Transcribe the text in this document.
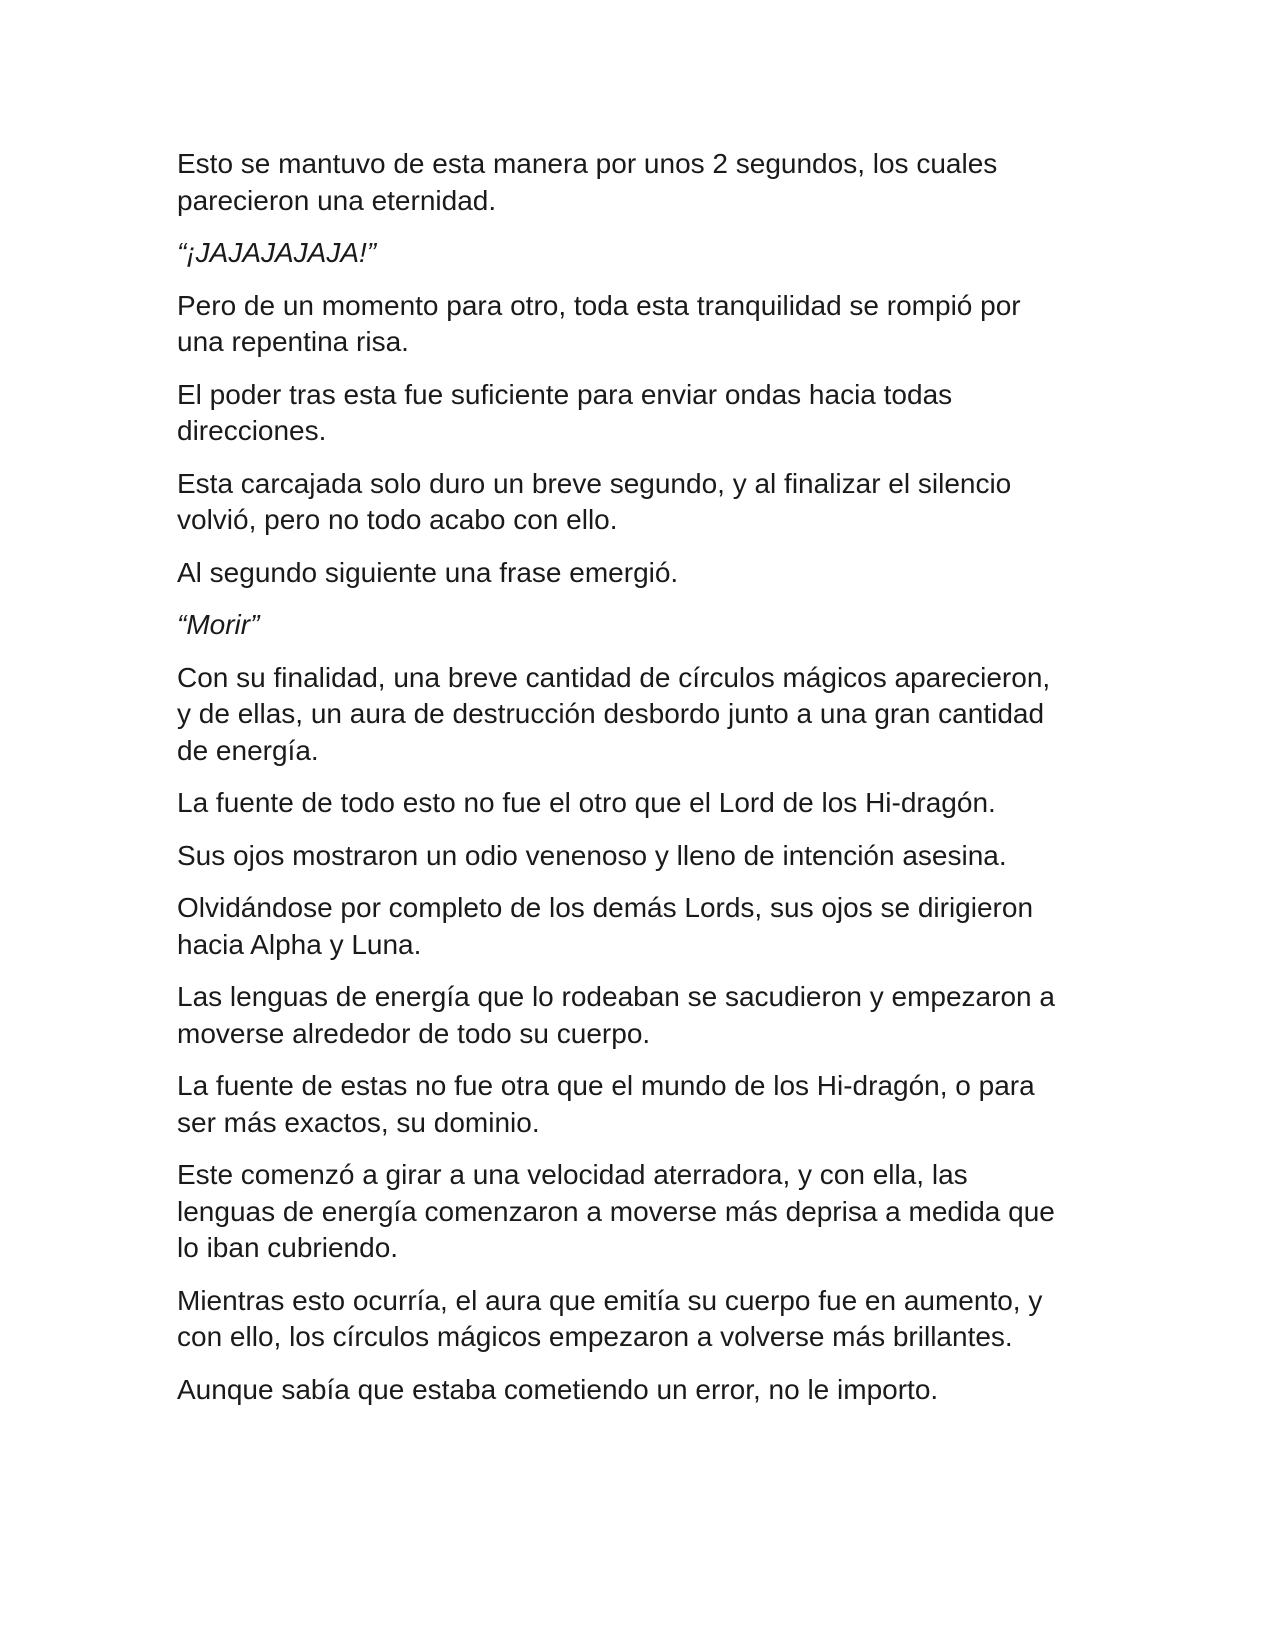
Esto se mantuvo de esta manera por unos 2 segundos, los cuales
parecieron una eternidad.

“¡JAJAJAJAJA!”

Pero de un momento para otro, toda esta tranquilidad se rompió por
una repentina risa.

El poder tras esta fue suficiente para enviar ondas hacia todas
direcciones.

Esta carcajada solo duro un breve segundo, y al finalizar el silencio
volvió, pero no todo acabo con ello.

Al segundo siguiente una frase emergió.

“Morir”

Con su finalidad, una breve cantidad de círculos mágicos aparecieron,
y de ellas, un aura de destrucción desbordo junto a una gran cantidad
de energía.

La fuente de todo esto no fue el otro que el Lord de los Hi-dragón.

Sus ojos mostraron un odio venenoso y lleno de intención asesina.

Olvidándose por completo de los demás Lords, sus ojos se dirigieron
hacia Alpha y Luna.

Las lenguas de energía que lo rodeaban se sacudieron y empezaron a
moverse alrededor de todo su cuerpo.

La fuente de estas no fue otra que el mundo de los Hi-dragón, o para
ser más exactos, su dominio.

Este comenzó a girar a una velocidad aterradora, y con ella, las
lenguas de energía comenzaron a moverse más deprisa a medida que
lo iban cubriendo.

Mientras esto ocurría, el aura que emitía su cuerpo fue en aumento, y
con ello, los círculos mágicos empezaron a volverse más brillantes.

Aunque sabía que estaba cometiendo un error, no le importo.
